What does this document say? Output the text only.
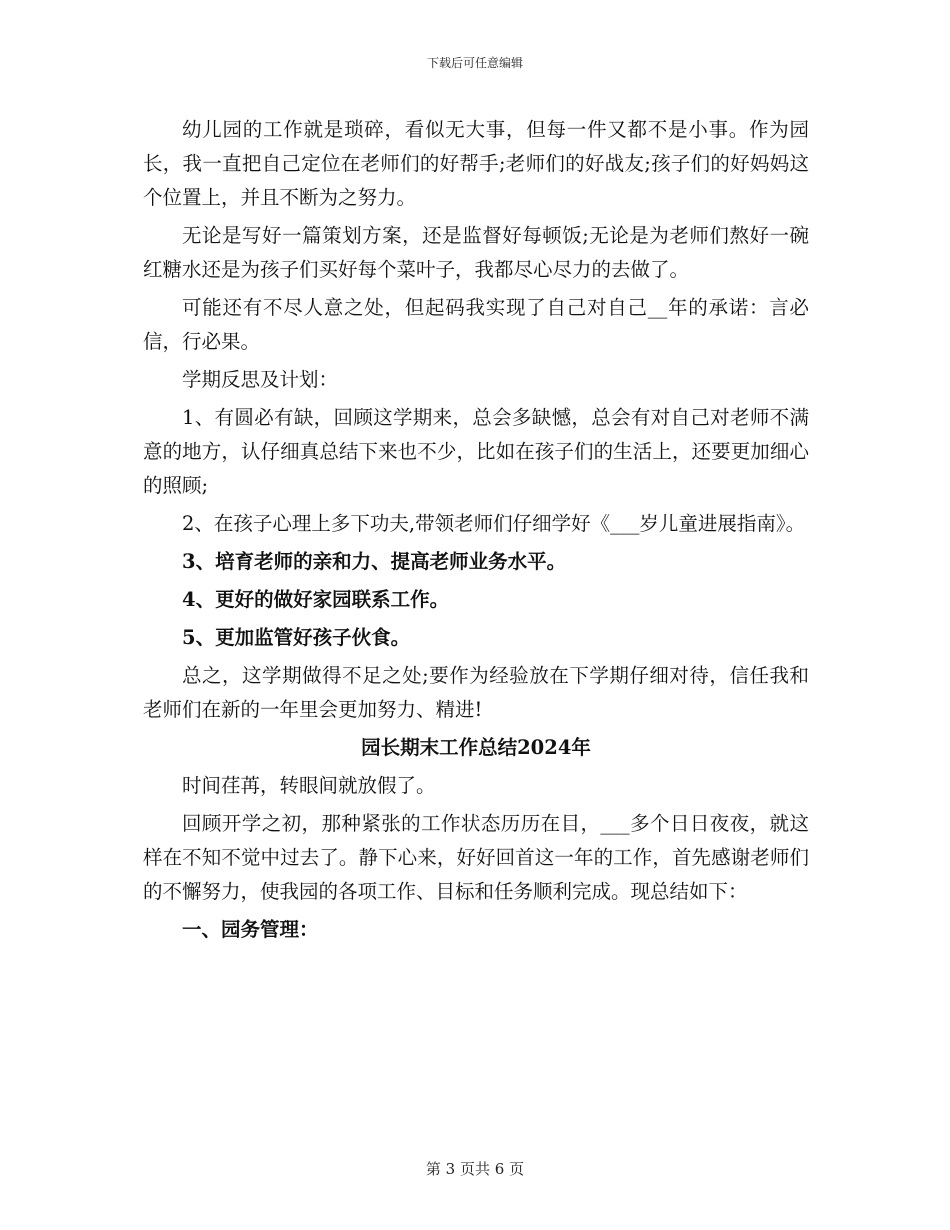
下载后可任意编辑

幼儿园的工作就是琐碎，看似无大事，但每一件又都不是小事。作为园长，我一直把自己定位在老师们的好帮手;老师们的好战友;孩子们的好妈妈这个位置上，并且不断为之努力。

无论是写好一篇策划方案，还是监督好每顿饭;无论是为老师们熬好一碗红糖水还是为孩子们买好每个菜叶子，我都尽心尽力的去做了。

可能还有不尽人意之处，但起码我实现了自己对自己__年的承诺：言必信，行必果。

学期反思及计划：

1、有圆必有缺，回顾这学期来，总会多缺憾，总会有对自己对老师不满意的地方，认仔细真总结下来也不少，比如在孩子们的生活上，还要更加细心的照顾;

2、在孩子心理上多下功夫,带领老师们仔细学好《___岁儿童进展指南》。

3、培育老师的亲和力、提高老师业务水平。

4、更好的做好家园联系工作。

5、更加监管好孩子伙食。

总之，这学期做得不足之处;要作为经验放在下学期仔细对待，信任我和老师们在新的一年里会更加努力、精进!

园长期末工作总结2024年

时间荏苒，转眼间就放假了。

回顾开学之初，那种紧张的工作状态历历在目，___多个日日夜夜，就这样在不知不觉中过去了。静下心来，好好回首这一年的工作，首先感谢老师们的不懈努力，使我园的各项工作、目标和任务顺利完成。现总结如下：

一、园务管理：

第 3 页共 6 页
